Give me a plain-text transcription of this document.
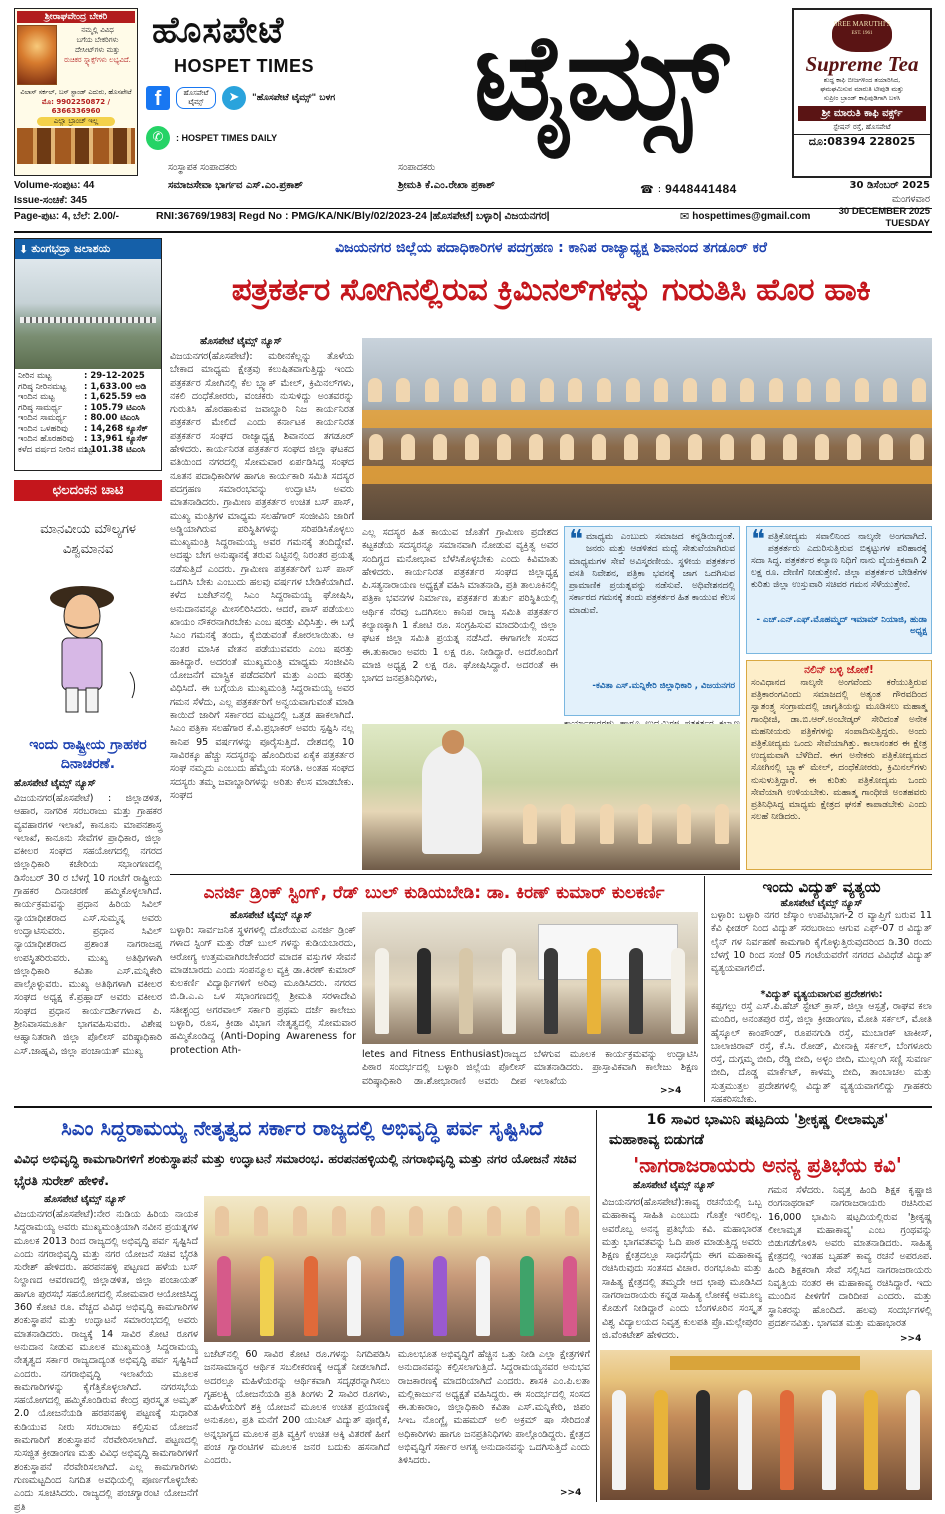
ಶ್ರೀರಾಘವೇಂದ್ರ ಬೇಕರಿ
ನಮ್ಮಲ್ಲಿ ವಿವಿಧ
ಬಗೆಯ ಬೇಕರಿಗಳು
ದೇಸೀಟ್‌ಗಳು ಮತ್ತು
ರುಚಿಕರ ಸ್ನ್ಯಾಕ್ಸ್‌ಗಳು ಲಭ್ಯವಿದೆ.
ವಿಲಾಸ್ ಸರ್ಕಲ್, ಬಸ್ ಸ್ಟಾಂಡ್ ಎದುರು, ಹೊಸಪೇಟೆ
ಮೊ: 9902250872 / 6366336960
ಎಲ್ಲಾ ಬ್ರಾಂಚ್ ಇಲ್ಲ
ಹೊಸಪೇಟೆ
HOSPET TIMES	ಟೈಮ್ಸ್
f	ಹೊಸಪೇಟೆ ಟೈಮ್ಸ್	➤	"ಹೊಸಪೇಟೆ ಟೈಮ್ಸ್" ಬಳಗ
✆	: HOSPET TIMES DAILY
SREE MARUTHI'S
EST. 1961
Supreme Tea
ಶುದ್ಧ ಕಾಫಿ ಬೀಜಗಳಿಂದ ತಯಾರಿಸಿದ,
ಘಮಘಮಿಸುವ ಮಾರುತಿ ಟೀಪುಡಿ ಮತ್ತು
ಸುಪ್ರೀಂ ಬ್ರಾಂಡ್ ಕಾಫಿಪುಡಿಗಾಗಿ ಬಳಸಿ
ಶ್ರೀ ಮಾರುತಿ ಕಾಫಿ ವರ್ಕ್ಸ್
ಸ್ಟೇಷನ್ ರಸ್ತೆ, ಹೊಸಪೇಟೆ
ದೂ:08394 228025
Volume-ಸಂಪುಟ: 44
Issue-ಸಂಚಿಕೆ: 345
ಸಂಸ್ಥಾಪಕ ಸಂಪಾದಕರು
ಸಮಾಜಸೇವಾ ಭಾರ್ಗವ ಎಸ್.ಎಂ.ಪ್ರಕಾಶ್
ಸಂಪಾದಕರು
ಶ್ರೀಮತಿ ಕೆ.ಎಂ.ರೇಖಾ ಪ್ರಕಾಶ್	☎ : 9448441484	30 ಡಿಸೆಂಬರ್ 2025
ಮಂಗಳವಾರ
Page-ಪುಟ: 4, ಬೆಲೆ: 2.00/-	RNI:36769/1983| Regd No : PMG/KA/NK/Bly/02/2023-24 |ಹೊಸಪೇಟೆ| ಬಳ್ಳಾರಿ| ವಿಜಯನಗರ|	✉ hospettimes@gmail.com	30 DECEMBER 2025
TUESDAY
⬇ ತುಂಗಭದ್ರಾ ಜಲಾಶಯ
ನೀರಿನ ಮಟ್ಟ	: 29-12-2025
ಗರಿಷ್ಠ ನೀರಿನಮಟ್ಟ	: 1,633.00 ಅಡಿ
ಇಂದಿನ ಮಟ್ಟ	: 1,625.59 ಅಡಿ
ಗರಿಷ್ಠ ಸಾಮರ್ಥ್ಯ	: 105.79 ಟಿಎಂಸಿ
ಇಂದಿನ ಸಾಮರ್ಥ್ಯ	: 80.00 ಟಿಎಂಸಿ
ಇಂದಿನ ಒಳಹರಿವು	: 14,268 ಕ್ಯೂಸೆಕ್
ಇಂದಿನ ಹೊರಹರಿವು	: 13,961 ಕ್ಯೂಸೆಕ್
ಕಳೆದ ವರ್ಷದ ನೀರಿನ ಮಟ್ಟ
: 101.38 ಟಿಎಂಸಿ
ಛಲದಂಕನ ಚಾಟಿ
ಮಾನವೀಯ ಮೌಲ್ಯಗಳ
ವಿಶ್ವಮಾನವ
ಇಂದು ರಾಷ್ಟ್ರೀಯ ಗ್ರಾಹಕರ ದಿನಾಚರಣೆ.
ಹೊಸಪೇಟೆ ಟೈಮ್ಸ್ ನ್ಯೂಸ್
ವಿಜಯನಗರ(ಹೊಸಪೇಟೆ) : ಜಿಲ್ಲಾಡಳಿತ, ಆಹಾರ, ನಾಗರಿಕ ಸರಬರಾಜು ಮತ್ತು ಗ್ರಾಹಕರ ವ್ಯವಹಾರಗಳ ಇಲಾಖೆ, ಕಾನೂನು ಮಾಪನಶಾಸ್ತ್ರ ಇಲಾಖೆ, ಕಾನೂನು ಸೇವೆಗಳ ಪ್ರಾಧಿಕಾರ, ಜಿಲ್ಲಾ ವಕೀಲರ ಸಂಘದ ಸಹಯೋಗದಲ್ಲಿ ನಗರದ ಜಿಲ್ಲಾಧಿಕಾರಿ ಕಚೇರಿಯ ಸಭಾಂಗಣದಲ್ಲಿ ಡಿಸೆಂಬರ್ 30 ರ ಬೆಳಗ್ಗೆ 10 ಗಂಟೆಗೆ ರಾಷ್ಟ್ರೀಯ ಗ್ರಾಹಕರ ದಿನಾಚರಣೆ ಹಮ್ಮಿಕೊಳ್ಳಲಾಗಿದೆ. ಕಾರ್ಯಕ್ರಮವನ್ನು ಪ್ರಧಾನ ಹಿರಿಯ ಸಿವಿಲ್ ನ್ಯಾಯಾಧೀಶರಾದ ಎಸ್.ಸುಮ್ಮನ್ನ ಅವರು ಉದ್ಘಾಟಿಸುವರು. ಪ್ರಧಾನ ಸಿವಿಲ್ ನ್ಯಾಯಾಧೀಶರಾದ ಪ್ರಶಾಂತ ನಾಗರಾಜಪ್ಪ ಉಪಸ್ಥಿತರಿರುವರು. ಮುಖ್ಯ ಅತಿಥಿಗಳಾಗಿ ಜಿಲ್ಲಾಧಿಕಾರಿ ಕವಿತಾ ಎಸ್.ಮನ್ನಿಕೇರಿ ಪಾಲ್ಗೊಳ್ಳುವರು. ಮುಖ್ಯ ಅತಿಥಿಗಳಾಗಿ ವಕೀಲರ ಸಂಘದ ಅಧ್ಯಕ್ಷ ಕೆ.ಪ್ರಹ್ಲಾದ್ ಅವರು ವಕೀಲರ ಸಂಘದ ಪ್ರಧಾನ ಕಾರ್ಯದರ್ಶಿಗಳಾದ ಪಿ. ಶ್ರೀನಿವಾಸಮೂರ್ತಿ ಭಾಗವಹಿಸುವರು. ವಿಶೇಷ ಆಹ್ವಾನಿತರಾಗಿ ಜಿಲ್ಲಾ ಪೊಲೀಸ್ ವರಿಷ್ಠಾಧಿಕಾರಿ ಎಸ್.ಜಾಹ್ನವಿ, ಜಿಲ್ಲಾ ಪಂಚಾಯತ್ ಮುಖ್ಯ
ವಿಜಯನಗರ ಜಿಲ್ಲೆಯ ಪದಾಧಿಕಾರಿಗಳ ಪದಗ್ರಹಣ : ಕಾನಿಪ ರಾಜ್ಯಾಧ್ಯಕ್ಷ ಶಿವಾನಂದ ತಗಡೂರ್ ಕರೆ
ಪತ್ರಕರ್ತರ ಸೋಗಿನಲ್ಲಿರುವ ಕ್ರಿಮಿನಲ್‌ಗಳನ್ನು ಗುರುತಿಸಿ ಹೊರ ಹಾಕಿ
ಹೊಸಪೇಟೆ ಟೈಮ್ಸ್ ನ್ಯೂಸ್
ವಿಜಯನಗರ(ಹೊಸಪೇಟೆ): ಮಠೀನಕೆಲ್ಲನ್ನು ತೊಳೆಯ ಬೇಕಾದ ಮಾಧ್ಯಮ ಕ್ಷೇತ್ರವು ಕಲುಷಿತವಾಗುತ್ತಿದ್ದು ಇಂದು ಪತ್ರಕರ್ತರ ಸೋಗಿನಲ್ಲಿ ಕೆಲ ಬ್ಲ್ಯಾಕ್ ಮೇಲ್, ಕ್ರಿಮಿನಲ್‌ಗಳು, ನಕಲಿ ದಂಧೆಕೋರರು, ವಂಚಕರು ನುಸುಳಿದ್ದು ಅಂತವರನ್ನು ಗುರುತಿಸಿ ಹೊರಹಾಕುವ ಜವಾಬ್ದಾರಿ ನಿಜ ಕಾರ್ಯನಿರತ ಪತ್ರಕರ್ತರ ಮೇಲಿದೆ ಎಂದು ಕರ್ನಾಟಕ ಕಾರ್ಯನಿರತ ಪತ್ರಕರ್ತರ ಸಂಘದ ರಾಜ್ಯಾಧ್ಯಕ್ಷ ಶಿವಾನಂದ ತಗಡೂರ್ ಹೇಳಿದರು. ಕಾರ್ಯನಿರತ ಪತ್ರಕರ್ತರ ಸಂಘದ ಜಿಲ್ಲಾ ಘಟಕದ ವತಿಯಿಂದ ನಗರದಲ್ಲಿ ಸೋಮವಾರ ಏರ್ಪಡಿಸಿದ್ದ ಸಂಘದ ನೂತನ ಪದಾಧಿಕಾರಿಗಳ ಹಾಗೂ ಕಾರ್ಯಕಾರಿ ಸಮಿತಿ ಸದಸ್ಯರ ಪದಗ್ರಹಣ ಸಮಾರಂಭವನ್ನು ಉದ್ಘಾಟಿಸಿ ಅವರು ಮಾತನಾಡಿದರು. ಗ್ರಾಮೀಣ ಪತ್ರಕರ್ತರ ಉಚಿತ ಬಸ್ ಪಾಸ್, ಮುಖ್ಯ ಮಂತ್ರಿಗಳ ಮಾಧ್ಯಮ ಸಲಹೆಗಾರ್ ಸಂಜೀವಿನಿ ಜಾರಿಗೆ ಅಡ್ಡಿಯಾಗಿರುವ ಪರಿಸ್ಥಿತಿಗಳನ್ನು ಸರಿಪಡಿಸಿಕೊಳ್ಳಲು ಮುಖ್ಯಮಂತ್ರಿ ಸಿದ್ದರಾಮಯ್ಯ ಅವರ ಗಮನಕ್ಕೆ ತಂದಿದ್ದೇವೆ. ಅದಷ್ಟು ಬೇಗ ಅನುಷ್ಠಾನಕ್ಕೆ ತರುವ ನಿಟ್ಟಿನಲ್ಲಿ ನಿರಂತರ ಪ್ರಯತ್ನ ನಡೆಸುತ್ತಿದೆ ಎಂದರು. ಗ್ರಾಮೀಣ ಪತ್ರಕರ್ತರಿಗೆ ಬಸ್ ಪಾಸ್ ಒದಗಿಸಿ ಬೇಕು ಎಂಬುದು ಹಲವು ವರ್ಷಗಳ ಬೇಡಿಕೆಯಾಗಿದೆ. ಕಳೆದ ಬಜೆಟ್‌ನಲ್ಲಿ ಸಿಎಂ ಸಿದ್ದರಾಮಯ್ಯ ಘೋಷಿಸಿ, ಅನುದಾನವನ್ನೂ ಮೀಸಲಿರಿಸಿದರು. ಆದರೆ, ಪಾಸ್ ಪಡೆಯಲು ಖಾಯಂ ನೌಕರನಾಗಿರಬೇಕು ಎಂಬ ಷರತ್ತು ವಿಧಿಸಿತ್ತು. ಈ ಬಗ್ಗೆ ಸಿಎಂ ಗಮನಕ್ಕೆ ತಂದು, ಕೈಬಿಡುವಂತೆ ಕೋರಲಾಯಿತು. ಆ ನಂತರ ಮಾಸಿಕ ವೇತನ ಪಡೆಯುವವರು ಎಂಬ ಷರತ್ತು ಹಾಕಿದ್ದಾರೆ. ಅದರಂತೆ ಮುಖ್ಯಮಂತ್ರಿ ಮಾಧ್ಯಮ ಸಂಜೀವಿನಿ ಯೋಜನೆಗೆ ಮಾಸ್ಟ್ರಿಕ ಪಡೆದವರಿಗೆ ಮತ್ತು ಎಂದು ಷರತ್ತು ವಿಧಿಸಿದೆ. ಈ ಬಗ್ಗೆಯೂ ಮುಖ್ಯಮಂತ್ರಿ ಸಿದ್ದರಾಮಯ್ಯ ಅವರ ಗಮನ ಸೆಳೆದು, ಎಲ್ಲ ಪತ್ರಕರ್ತರಿಗೆ ಅನ್ವಯವಾಗುವಂತೆ ಮಾಡಿ ಕಾಯಿದೆ ಜಾರಿಗೆ ಸರ್ಕಾರದ ಮಟ್ಟದಲ್ಲಿ ಒತ್ತಡ ಹಾಕಲಾಗಿದೆ. ಸಿಎಂ ಪತ್ರಿಕಾ ಸಲಹೆಗಾರ ಕೆ.ವಿ.ಪ್ರಭಾಕರ್ ಅವರು ಸ್ಪಷ್ಟಿಸಿ ನಲ್ಲ ಕಾನಿಪ 95 ವರ್ಷಗಳನ್ನು ಪೂರೈಸುತ್ತಿದೆ. ದೇಶದಲ್ಲಿ 10 ಸಾವಿರಕ್ಕೂ ಹೆಚ್ಚು ಸದಸ್ಯರನ್ನು ಹೊಂದಿರುವ ಏಕೈಕ ಪತ್ರಕರ್ತರ ಸಂಘ ನಮ್ಮದು ಎಂಬುದು ಹೆಮ್ಮೆಯ ಸಂಗತಿ. ಅಂತಹ ಸಂಘದ ಸದಸ್ಯರು ತಮ್ಮ ಜವಾಬ್ದಾರಿಗಳನ್ನು ಅರಿತು ಕೆಲಸ ಮಾಡಬೇಕು. ಸಂಘದ
ಎಲ್ಲ ಸದಸ್ಯರ ಹಿತ ಕಾಯುವ ಜೊತೆಗೆ ಗ್ರಾಮೀಣ ಪ್ರದೇಶದ ಕಟ್ಟಕಡೆಯ ಸದಸ್ಯರನ್ನೂ ಸಮಾನವಾಗಿ ನೋಡುವ ವ್ಯಕ್ತಿತ್ವ ಅವರ ಸಂದಿಗ್ದದ ಮನೋಭಾವ ಬೆಳೆಸಿಕೊಳ್ಳಬೇಕು ಎಂದು ಕಿವಿಮಾತು ಹೇಳಿದರು. ಕಾರ್ಯನಿರತ ಪತ್ರಕರ್ತರ ಸಂಘದ ಜಿಲ್ಲಾಧ್ಯಕ್ಷ ಪಿ.ಸತ್ಯನಾರಾಯಣ ಅಧ್ಯಕ್ಷತೆ ವಹಿಸಿ ಮಾತನಾಡಿ, ಪ್ರತಿ ತಾಲೂಕಿನಲ್ಲಿ ಪತ್ರಿಕಾ ಭವನಗಳ ನಿರ್ಮಾಣ, ಪತ್ರಕರ್ತರ ತುರ್ತು ಪರಿಸ್ಥಿತಿಯಲ್ಲಿ ಆರ್ಥಿಕ ನೆರವು ಒದಗಿಸಲು ಕಾನಿಪ ರಾಜ್ಯ ಸಮಿತಿ ಪತ್ರಕರ್ತರ ಕಲ್ಯಾಣಕ್ಕಾಗಿ 1 ಕೋಟಿ ರೂ. ಸಂಗ್ರಹಿಸುವ ಮಾದರಿಯಲ್ಲಿ ಜಿಲ್ಲಾ ಘಟಕ ಜಿಲ್ಲಾ ಸಮಿತಿ ಪ್ರಯತ್ನ ನಡೆಸಿದೆ. ಈಗಾಗಲೇ ಸಂಸದ ಈ.ತುಕಾರಾಂ ಅವರು 1 ಲಕ್ಷ ರೂ. ನೀಡಿದ್ದಾರೆ. ಅದರೊಂದಿಗೆ ಮಾಜಿ ಅಧ್ಯಕ್ಷ 2 ಲಕ್ಷ ರೂ. ಘೋಷಿಸಿದ್ದಾರೆ. ಅದರಂತೆ ಈ ಭಾಗದ ಜನಪ್ರತಿನಿಧಿಗಳು,
❝ ಮಾಧ್ಯಮ ಎಂಬುದು ಸಮಾಜದ ಕನ್ನಡಿಯಿದ್ದಂತೆ. ಜನರು ಮತ್ತು ಆಡಳಿತದ ಮಧ್ಯೆ ಸೇತುವೆಯಾಗಿರುವ ಮಾಧ್ಯಮಗಳ ಸೇವೆ ಅವಿಸ್ಮರಣೀಯ. ಸ್ಥಳೀಯ ಪತ್ರಕರ್ತರ ವಸತಿ ನಿವೇಶನ, ಪತ್ರಿಕಾ ಭವನಕ್ಕೆ ಜಾಗ ಒದಗಿಸುವ ಪ್ರಾಮಾಣಿಕ ಪ್ರಯತ್ನವನ್ನು ನಡೆಸುವೆ. ಅಧಿವೇಶನದಲ್ಲಿ ಸರ್ಕಾರದ ಗಮನಕ್ಕೆ ತಂದು ಪತ್ರಕರ್ತರ ಹಿತ ಕಾಯುವ ಕೆಲಸ ಮಾಡುವೆ.
-ಕವಿತಾ ಎಸ್.ಮನ್ನಿಕೇರಿ ಜಿಲ್ಲಾಧಿಕಾರಿ , ವಿಜಯನಗರ
❝ ಪತ್ರಿಕೋದ್ಯಮ ಸವಾಲಿನಿಂದ ನಾಲ್ಕನೇ ಅಂಗವಾಗಿದೆ. ಪತ್ರಕರ್ತರು ಎದುರಿಸುತ್ತಿರುವ ಬಿಕ್ಕಟ್ಟುಗಳ ಪರಿಹಾರಕ್ಕೆ ಸದಾ ಸಿದ್ಧ. ಪತ್ರಕರ್ತರ ಕಲ್ಯಾಣ ನಿಧಿಗೆ ನಾನು ವೈಯಕ್ತಿಕವಾಗಿ 2 ಲಕ್ಷ ರೂ. ದೇಣಿಗೆ ನೀಡುತ್ತೇನೆ. ಜಿಲ್ಲಾ ಪತ್ರಕರ್ತರ ಬೇಡಿಕೆಗಳ ಕುರಿತು ಜಿಲ್ಲಾ ಉಸ್ತುವಾರಿ ಸಚಿವರ ಗಮನ ಸೆಳೆಯುತ್ತೇನೆ.
- ಎಚ್.ಎನ್.ಎಫ್.ಮೊಹಮ್ಮದ್ ಇಮಾಮ್ ನಿಯಾಜಿ, ಹುಡಾ ಅಧ್ಯಕ್ಷ
ನಲಿನ್ ಬಳ್ಳಿ ಜೋಕೆ!
ಸಂವಿಧಾನದ ನಾಲ್ಕನೇ ಅಂಗವೆಂದು ಕರೆಯುತ್ತಿರುವ ಪತ್ರಿಕಾರಂಗವಿಂದು ಸಮಾಜದಲ್ಲಿ ಅತ್ಯಂತ ಗೌರವದಿಂದ ಸ್ವಾತಂತ್ರ್ಯ ಸಂಗ್ರಾಮದಲ್ಲಿ ಜಾಗೃತಿಯನ್ನು ಮೂಡಿಸಲು ಮಹಾತ್ಮ ಗಾಂಧೀಜಿ, ಡಾ.ಬಿ.ಆರ್.ಅಂಬೇಡ್ಕರ್ ಸೇರಿದಂತೆ ಅನೇಕ ಮಹನೀಯರು ಪತ್ರಿಕೆಗಳನ್ನು ಸಂಪಾದಿಸುತ್ತಿದ್ದರು. ಅಂದು ಪತ್ರಿಕೋದ್ಯಮ ಒಂದು ಸೇವೆಯಾಗಿತ್ತು. ಕಾಲಾನಂತರ ಈ ಕ್ಷೇತ್ರ ಉದ್ಯಮವಾಗಿ ಬೆಳೆದಿದೆ. ಈಗ ಅನೇಕರು ಪತ್ರಿಕೋದ್ಯಮದ ಸೋಗಿನಲ್ಲಿ ಬ್ಲ್ಯಾಕ್ ಮೇಲ್, ದಂಧೆಕೋರರು, ಕ್ರಿಮಿನಲ್‌ಗಳು ನುಸುಳುತ್ತಿದ್ದಾರೆ. ಈ ಕುರಿತು ಪತ್ರಿಕೋದ್ಯಮ ಒಂದು ಸೇವೆಯಾಗಿ ಉಳಿಯಬೇಕು. ಮಹಾತ್ಮ ಗಾಂಧೀಜಿ ಅಂತಹವರು ಪ್ರತಿನಿಧಿಸಿದ್ದ ಮಾಧ್ಯಮ ಕ್ಷೇತ್ರದ ಘನತೆ ಕಾಪಾಡಬೇಕು ಎಂದು ಸಲಹೆ ನೀಡಿದರು.
ಎನರ್ಜಿ ಡ್ರಿಂಕ್ ಸ್ಟಿಂಗ್, ರೆಡ್ ಬುಲ್ ಕುಡಿಯಬೇಡಿ: ಡಾ. ಕಿರಣ್ ಕುಮಾರ್ ಕುಲಕರ್ಣಿ
ಹೊಸಪೇಟೆ ಟೈಮ್ಸ್ ನ್ಯೂಸ್
ಬಳ್ಳಾರಿ: ಸಾರ್ವಜನಿಕ ಸ್ಥಳಗಳಲ್ಲಿ ದೊರೆಯುವ ಎನರ್ಜಿ ಡ್ರಿಂಕ್ ಗಳಾದ ಸ್ಟಿಂಗ್ ಮತ್ತು ರೆಡ್ ಬುಲ್ ಗಳನ್ನು ಕುಡಿಯಬಾರದು, ಆರೋಗ್ಯ ಉತ್ತಮವಾಗಿರಬೇಕೆಂದರೆ ಮಾದಕ ವಸ್ತುಗಳ ಸೇವನೆ ಮಾಡಬಾರದು ಎಂದು ಸಂಪನ್ಮೂಲ ವ್ಯಕ್ತಿ ಡಾ.ಕಿರಣ್ ಕುಮಾರ್ ಕುಲಕರ್ಣಿ ವಿದ್ಯಾರ್ಥಿಗಳಿಗೆ ಅರಿವು ಮೂಡಿಸಿದರು. ನಗರದ ಬಿ.ಡಿ.ಎ.ಎ ಒಳ ಸಭಾಂಗಣದಲ್ಲಿ ಶ್ರೀಮತಿ ಸರಳಾದೇವಿ ಸತೀಶ್ಚಂದ್ರ ಅಗರವಾಲ್ ಸರ್ಕಾರಿ ಪ್ರಥಮ ದರ್ಜೆ ಕಾಲೇಜು ಬಳ್ಳಾರಿ, ರೂಸ, ಕ್ರೀಡಾ ವಿಭಾಗ ನೇತೃತ್ವದಲ್ಲಿ ಸೋಮವಾರ ಹಮ್ಮಿಕೊಂಡಿದ್ದ (Anti-Doping Awareness for protection Ath-	letes and Fitness Enthusiast)ರಾಜ್ಯದ ಪಿಠಾರ ಸಂದರ್ಭದಲ್ಲಿ ಬಳ್ಳಾರಿ ಜಿಲ್ಲೆಯ ಪೊಲೀಸ್ ವರಿಷ್ಠಾಧಿಕಾರಿ ಡಾ.ಶೋಭಾರಾಣಿ ಅವರು ದೀಪ ಬೆಳಗುವ ಮೂಲಕ ಕಾರ್ಯಕ್ರಮವನ್ನು ಉದ್ಘಾಟಿಸಿ ಮಾತನಾಡಿದರು. ಪ್ರಾಸ್ತಾವಿಕವಾಗಿ ಕಾಲೇಜು ಶಿಕ್ಷಣ ಇಲಾಖೆಯ
>>4
ಇಂದು ವಿದ್ಯುತ್ ವ್ಯತ್ಯಯ
ಹೊಸಪೇಟೆ ಟೈಮ್ಸ್ ನ್ಯೂಸ್
ಬಳ್ಳಾರಿ: ಬಳ್ಳಾರಿ ನಗರ ಜೆಸ್ಕಾಂ ಉಪವಿಭಾಗ-2 ರ ವ್ಯಾಪ್ತಿಗೆ ಬರುವ 11 ಕೆವಿ ಫೀಡರ್ ನಿಂದ ವಿದ್ಯುತ್ ಸರಬರಾಜು ಆಗುವ ಎಫ್-07 ರ ವಿದ್ಯುತ್ ಲೈನ್ ಗಳ ನಿರ್ವಹಣೆ ಕಾಮಗಾರಿ ಕೈಗೊಳ್ಳುತ್ತಿರುವುದರಿಂದ ಡಿ.30 ರಂದು ಬೆಳಗ್ಗೆ 10 ರಿಂದ ಸಂಜೆ 05 ಗಂಟೆಯವರೆಗೆ ನಗರದ ವಿವಿಧೆಡೆ ವಿದ್ಯುತ್ ವ್ಯತ್ಯಯವಾಗಲಿದೆ.
*ವಿದ್ಯುತ್ ವ್ಯತ್ಯಯವಾಗುವ ಪ್ರದೇಶಗಳು:
ಕಪ್ಪಗಲ್ಲು ರಸ್ತೆ ಎಸ್.ಪಿ.ಹೆಚ್ ಸ್ಟೇಟ್ ಕ್ರಾಸ್, ಜಿಲ್ಲಾ ಆಸ್ಪತ್ರೆ, ರಾಘವ ಕಲಾ ಮಂದಿರ, ಅನಂತಪುರ ರಸ್ತೆ, ಜಿಲ್ಲಾ ಕ್ರೀಡಾಂಗಣ, ಮೋತಿ ಸರ್ಕಲ್, ಮೋತಿ ಹೈಸ್ಕೂಲ್ ಕಾಂಪೌಂಡ್, ರೂಪನಗುಡಿ ರಸ್ತೆ, ಮುಬಾರಕ್ ಟಾಕೀಸ್, ಬಾಲಾಜಿರಾವ್ ರಸ್ತೆ, ಕೆ.ಸಿ. ರೋಡ್, ಮೀನಾಕ್ಷಿ ಸರ್ಕಲ್, ಬೆಂಗಳೂರು ರಸ್ತೆ, ದುಗ್ಗಮ್ಮ ಬೀದಿ, ರೆಡ್ಡಿ ಬೀದಿ, ಅಳ್ಳಂ ಬೀದಿ, ಮುಲ್ಲಂಗಿ ಸಣ್ಣಿ ಸುವರ್ಣ ಬೀದಿ, ದೊಡ್ಡ ಮಾರ್ಕೆಟ್, ಕಾಳಮ್ಮ ಬೀದಿ, ತಾಂಬಾಚಲ ಮತ್ತು ಸುತ್ತಮುತ್ತಲ ಪ್ರದೇಶಗಳಲ್ಲಿ ವಿದ್ಯುತ್ ವ್ಯತ್ಯಯವಾಗಲಿದ್ದು ಗ್ರಾಹಕರು ಸಹಕರಿಸಬೇಕು.
ಸಿಎಂ ಸಿದ್ದರಾಮಯ್ಯ ನೇತೃತ್ವದ ಸರ್ಕಾರ ರಾಜ್ಯದಲ್ಲಿ ಅಭಿವೃದ್ಧಿ ಪರ್ವ ಸೃಷ್ಟಿಸಿದೆ
ವಿವಿಧ ಅಭಿವೃದ್ಧಿ ಕಾಮಗಾರಿಗಳಿಗೆ ಶಂಕುಸ್ಥಾಪನೆ ಮತ್ತು ಉದ್ಘಾಟನೆ ಸಮಾರಂಭ. ಹರಪನಹಳ್ಳಿಯಲ್ಲಿ ನಗರಾಭಿವೃದ್ಧಿ ಮತ್ತು ನಗರ ಯೋಜನೆ ಸಚಿವ ಭೈರತಿ ಸುರೇಶ್ ಹೇಳಿಕೆ.
ಹೊಸಪೇಟೆ ಟೈಮ್ಸ್ ನ್ಯೂಸ್
ವಿಜಯನಗರ(ಹೊಸಪೇಟೆ):ನೇರ ನುಡಿಯ ಹಿರಿಯ ನಾಯಕ ಸಿದ್ದರಾಮಯ್ಯ ಅವರು ಮುಖ್ಯಮಂತ್ರಿಯಾಗಿ ನವೀನ ಪ್ರಯತ್ನಗಳ ಮೂಲಕ 2013 ರಿಂದ ರಾಜ್ಯದಲ್ಲಿ ಅಭಿವೃದ್ಧಿ ಪರ್ವ ಸೃಷ್ಟಿಸಿದೆ ಎಂದು ನಗರಾಭಿವೃದ್ಧಿ ಮತ್ತು ನಗರ ಯೋಜನೆ ಸಚಿವ ಭೈರತಿ ಸುರೇಶ್ ಹೇಳಿದರು. ಹರಪನಹಳ್ಳಿ ಪಟ್ಟಣದ ಹಳೆಯ ಬಸ್ ನಿಲ್ದಾಣದ ಆವರಣದಲ್ಲಿ ಜಿಲ್ಲಾಡಳಿತ, ಜಿಲ್ಲಾ ಪಂಚಾಯತ್ ಹಾಗೂ ಪುರಸಭೆ ಸಹಯೋಗದಲ್ಲಿ ಸೋಮವಾರ ಆಯೋಜಿಸಿದ್ದ 360 ಕೋಟಿ ರೂ. ವೆಚ್ಚದ ವಿವಿಧ ಅಭಿವೃದ್ಧಿ ಕಾಮಗಾರಿಗಳ ಶಂಕುಸ್ಥಾಪನೆ ಮತ್ತು ಉದ್ಘಾಟನೆ ಸಮಾರಂಭದಲ್ಲಿ ಅವರು ಮಾತನಾಡಿದರು. ರಾಜ್ಯಕ್ಕೆ 14 ಸಾವಿರ ಕೋಟಿ ರೂಗಳ ಅನುದಾನ ನೀಡುವ ಮೂಲಕ ಮುಖ್ಯಮಂತ್ರಿ ಸಿದ್ದರಾಮಯ್ಯ ನೇತೃತ್ವದ ಸರ್ಕಾರ ರಾಜ್ಯದಾದ್ಯಂತ ಅಭಿವೃದ್ಧಿ ಪರ್ವ ಸೃಷ್ಟಿಸಿದೆ ಎಂದರು. ನಗರಾಭಿವೃದ್ಧಿ ಇಲಾಖೆಯ ಮೂಲಕ ಕಾಮಗಾರಿಗಳನ್ನು ಕೈಗೆತ್ತಿಕೊಳ್ಳಲಾಗಿದೆ. ನಗರಸಭೆಯ ಸಹಯೋಗದಲ್ಲಿ ಹಮ್ಮಿಕೊಂಡಿರುವ ಕೇಂದ್ರ ಪುರಸ್ಕೃತ ಅಮೃತ್ 2.0 ಯೋಜನೆಯಡಿ ಹರಪನಹಳ್ಳಿ ಪಟ್ಟಣಕ್ಕೆ ಸುಧಾರಿತ ಕುಡಿಯುವ ನೀರು ಸರಬರಾಜು ಕಲ್ಪಿಸುವ ಯೋಜನೆ ಕಾಮಗಾರಿಗೆ ಶಂಕುಸ್ಥಾಪನೆ ನೆರವೇರಿಸಲಾಗಿದೆ. ಪಟ್ಟಣದಲ್ಲಿ ಸುಸಜ್ಜಿತ ಕ್ರೀಡಾಂಗಣ ಮತ್ತು ವಿವಿಧ ಅಭಿವೃದ್ಧಿ ಕಾಮಗಾರಿಗಳಿಗೆ ಶಂಕುಸ್ಥಾಪನೆ ನೆರವೇರಿಸಲಾಗಿದೆ. ಎಲ್ಲ ಕಾಮಗಾರಿಗಳು ಗುಣಮಟ್ಟದಿಂದ ನಿಗದಿತ ಅವಧಿಯಲ್ಲಿ ಪೂರ್ಣಗೊಳ್ಳಬೇಕು ಎಂದು ಸೂಚಿಸಿದರು. ರಾಜ್ಯದಲ್ಲಿ ಪಂಚಗ್ಯಾರಂಟಿ ಯೋಜನೆಗೆ ಪ್ರತಿ
ಬಜೆಟ್‌ನಲ್ಲಿ 60 ಸಾವಿರ ಕೋಟಿ ರೂ.ಗಳನ್ನು ನಿಗದಿಪಡಿಸಿ ಜನಸಾಮಾನ್ಯರ ಆರ್ಥಿಕ ಸಬಲೀಕರಣಕ್ಕೆ ಆದ್ಯತೆ ನೀಡಲಾಗಿದೆ. ಅದರಲ್ಲೂ ಮಹಿಳೆಯರನ್ನು ಆರ್ಥಿಕವಾಗಿ ಸದೃಢರನ್ನಾಗಿಸಲು ಗೃಹಲಕ್ಷ್ಮಿ ಯೋಜನೆಯಡಿ ಪ್ರತಿ ತಿಂಗಳು 2 ಸಾವಿರ ರೂಗಳು, ಮಹಿಳೆಯರಿಗೆ ಶಕ್ತಿ ಯೋಜನೆ ಮೂಲಕ ಉಚಿತ ಪ್ರಯಾಣಕ್ಕೆ ಅನುಕೂಲ, ಪ್ರತಿ ಮನೆಗೆ 200 ಯುನಿಟ್ ವಿದ್ಯುತ್ ಪೂರೈಕೆ, ಅನ್ನಭಾಗ್ಯದ ಮೂಲಕ ಪ್ರತಿ ವ್ಯಕ್ತಿಗೆ ಉಚಿತ ಅಕ್ಕಿ ವಿತರಣೆ ಹೀಗೆ ಪಂಚ ಗ್ಯಾರಂಟಿಗಳ ಮೂಲಕ ಜನರ ಬದುಕು ಹಸನಾಗಿದೆ ಎಂದರು.
ಮೂಲಭೂತ ಅಭಿವೃದ್ಧಿಗೆ ಹೆಚ್ಚಿನ ಒತ್ತು ನೀಡಿ ಎಲ್ಲಾ ಕ್ಷೇತ್ರಗಳಿಗೆ ಅನುದಾನವನ್ನು ಕಲ್ಪಿಸಲಾಗುತ್ತಿದೆ. ಸಿದ್ದರಾಮಯ್ಯನವರ ಅನುಭವ ರಾಜಕಾರಣಕ್ಕೆ ಮಾದರಿಯಾಗಿದೆ ಎಂದರು. ಶಾಸಕಿ ಎಂ.ಪಿ.ಲತಾ ಮಲ್ಲಿಕಾರ್ಜುನ ಅಧ್ಯಕ್ಷತೆ ವಹಿಸಿದ್ದರು. ಈ ಸಂದರ್ಭದಲ್ಲಿ ಸಂಸದ ಈ.ತುಕಾರಾಂ, ಜಿಲ್ಲಾಧಿಕಾರಿ ಕವಿತಾ ಎಸ್.ಮನ್ನಿಕೇರಿ, ಜಿಪಂ ಸಿಇಒ ನೊಂಗ್ಜೈ ಮಹಮದ್ ಅಲಿ ಅಕ್ರಮ್ ಷಾ ಸೇರಿದಂತೆ ಅಧಿಕಾರಿಗಳು ಹಾಗೂ ಜನಪ್ರತಿನಿಧಿಗಳು ಪಾಲ್ಗೊಂಡಿದ್ದರು. ಕ್ಷೇತ್ರದ ಅಭಿವೃದ್ಧಿಗೆ ಸರ್ಕಾರ ಅಗತ್ಯ ಅನುದಾನವನ್ನು ಒದಗಿಸುತ್ತಿದೆ ಎಂದು ತಿಳಿಸಿದರು.
>>4
16 ಸಾವಿರ ಭಾಮಿನಿ ಷಟ್ಪದಿಯ 'ಶ್ರೀಕೃಷ್ಣ ಲೀಲಾಮೃತ'
ಮಹಾಕಾವ್ಯ ಬಿಡುಗಡೆ
'ನಾಗರಾಜರಾಯರು ಅನನ್ಯ ಪ್ರತಿಭೆಯ ಕವಿ'
ಹೊಸಪೇಟೆ ಟೈಮ್ಸ್ ನ್ಯೂಸ್
ವಿಜಯನಗರ(ಹೊಸಪೇಟೆ):ಕಾವ್ಯ ರಚನೆಯಲ್ಲಿ ಒಬ್ಬ ಮಹಾಕಾವ್ಯ ಸಾಹಿತಿ ಎಂಬುದು ಗೊತ್ತೇ ಇರಲಿಲ್ಲ. ಅವರೊಬ್ಬ ಅನನ್ಯ ಪ್ರತಿಭೆಯ ಕವಿ. ಮಹಾಭಾರತ ಮತ್ತು ಭಾಗವತವನ್ನು ಓದಿ ಪಾಠ ಮಾಡುತ್ತಿದ್ದ ಅವರು ಶಿಕ್ಷಣ ಕ್ಷೇತ್ರದಲ್ಲೂ ಸಾಧನೆಗೈದು ಈಗ ಮಹಾಕಾವ್ಯ ರಚಿಸಿರುವುದು ಸಂತಸದ ವಿಚಾರ. ರಂಗಭೂಮಿ ಮತ್ತು ಸಾಹಿತ್ಯ ಕ್ಷೇತ್ರದಲ್ಲಿ ತಮ್ಮದೇ ಆದ ಛಾಪು ಮೂಡಿಸಿದ ನಾಗರಾಜರಾಯರು ಕನ್ನಡ ಸಾಹಿತ್ಯ ಲೋಕಕ್ಕೆ ಅಮೂಲ್ಯ ಕೊಡುಗೆ ನೀಡಿದ್ದಾರೆ ಎಂದು ಬೆಂಗಳೂರಿನ ಸಂಸ್ಕೃತ ವಿಶ್ವ ವಿದ್ಯಾಲಯದ ನಿವೃತ್ತ ಕುಲಪತಿ ಪ್ರೊ.ಮಲ್ಲೇಪುರಂ ಜಿ.ವೆಂಕಟೇಶ್ ಹೇಳಿದರು.
ಗಮನ ಸೆಳೆದರು. ನಿವೃತ್ತ ಹಿಂದಿ ಶಿಕ್ಷಕ ಕೃಷ್ಣಾಜಿ ರಂಗನಾಥರಾವ್ ನಾಗರಾಜರಾಯರು ರಚಿಸಿರುವ 16,000 ಭಾಮಿನಿ ಷಟ್ಪದಿಯಲ್ಲಿರುವ 'ಶ್ರೀಕೃಷ್ಣ ಲೀಲಾಮೃತ ಮಹಾಕಾವ್ಯ' ಎಂಬ ಗ್ರಂಥವನ್ನು ಬಿಡುಗಡೆಗೊಳಿಸಿ ಅವರು ಮಾತನಾಡಿದರು. ಸಾಹಿತ್ಯ ಕ್ಷೇತ್ರದಲ್ಲಿ ಇಂತಹ ಬೃಹತ್ ಕಾವ್ಯ ರಚನೆ ಅಪರೂಪ. ಹಿಂದಿ ಶಿಕ್ಷಕರಾಗಿ ಸೇವೆ ಸಲ್ಲಿಸಿದ ನಾಗರಾಜರಾಯರು ನಿವೃತ್ತಿಯ ನಂತರ ಈ ಮಹಾಕಾವ್ಯ ರಚಿಸಿದ್ದಾರೆ. ಇದು ಮುಂದಿನ ಪೀಳಿಗೆಗೆ ದಾರಿದೀಪ ಎಂದರು. ಮತ್ತು ಸ್ಥಾನಿಕರನ್ನು ಹೊಂದಿದೆ. ಹಲವು ಸಂದರ್ಭಗಳಲ್ಲಿ ಪ್ರದರ್ಶನವಿತ್ತು. ಭಾಗವತ ಮತ್ತು ಮಹಾಭಾರತ
>>4
